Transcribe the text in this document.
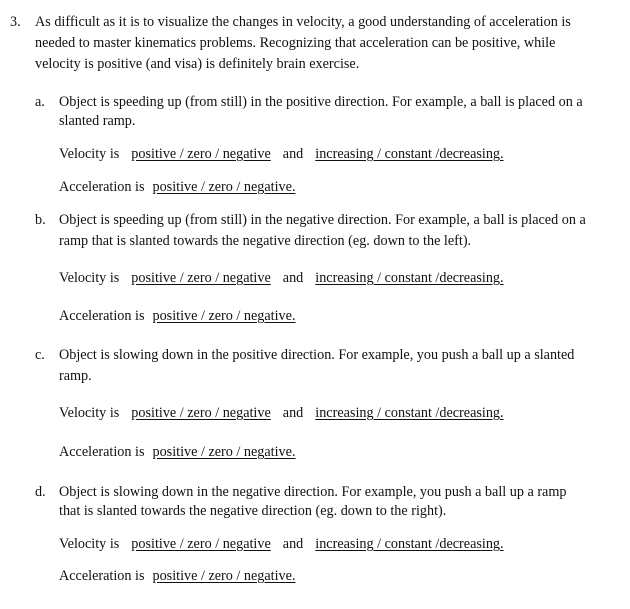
3. As difficult as it is to visualize the changes in velocity, a good understanding of acceleration is
needed to master kinematics problems. Recognizing that acceleration can be positive, while
velocity is positive (and visa) is definitely brain exercise.
a. Object is speeding up (from still) in the positive direction. For example, a ball is placed on a
slanted ramp.
Velocity is positive / zero / negative and increasing / constant /decreasing.
Acceleration is positive / zero / negative.
b. Object is speeding up (from still) in the negative direction. For example, a ball is placed on a
ramp that is slanted towards the negative direction (eg. down to the left).
Velocity is positive / zero / negative and increasing / constant /decreasing.
Acceleration is positive / zero / negative.
c. Object is slowing down in the positive direction. For example, you push a ball up a slanted
ramp.
Velocity is positive / zero / negative and increasing / constant /decreasing.
Acceleration is positive / zero / negative.
d. Object is slowing down in the negative direction. For example, you push a ball up a ramp
that is slanted towards the negative direction (eg. down to the right).
Velocity is positive / zero / negative and increasing / constant /decreasing.
Acceleration is positive / zero / negative.
